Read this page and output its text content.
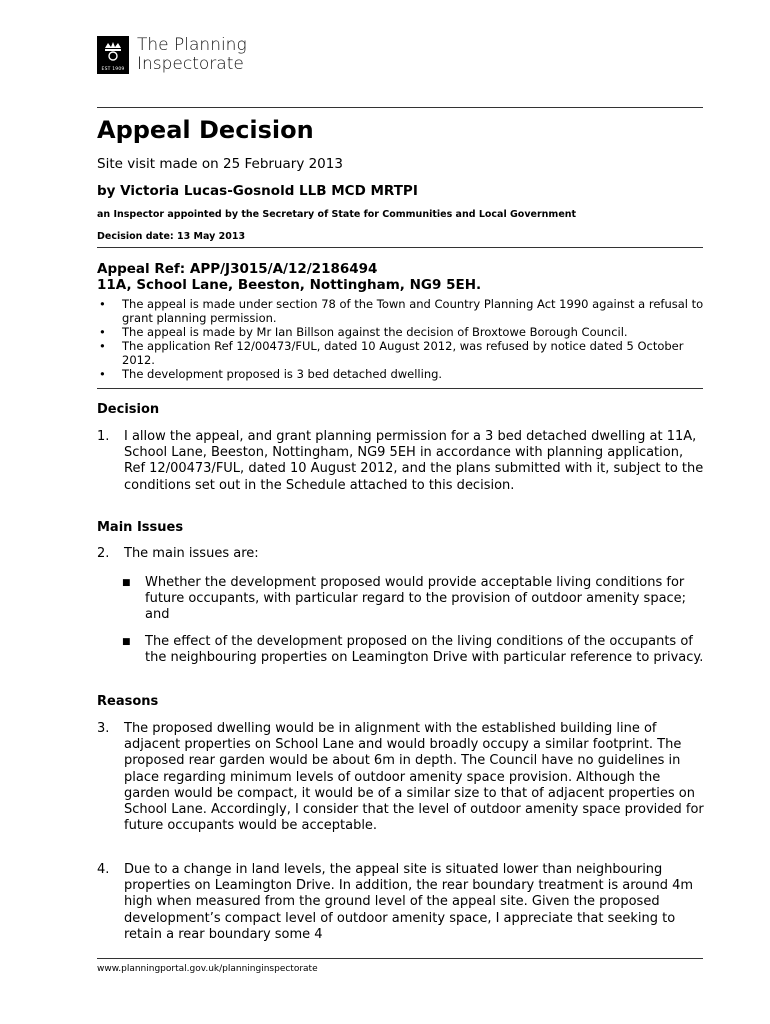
EST 1909
The Planning
Inspectorate
Appeal Decision
Site visit made on 25 February 2013
by Victoria Lucas-Gosnold LLB MCD MRTPI
an Inspector appointed by the Secretary of State for Communities and Local Government
Decision date: 13 May 2013
Appeal Ref: APP/J3015/A/12/2186494
11A, School Lane, Beeston, Nottingham, NG9 5EH.
• The appeal is made under section 78 of the Town and Country Planning Act 1990 against a refusal to grant planning permission.
• The appeal is made by Mr Ian Billson against the decision of Broxtowe Borough Council.
• The application Ref 12/00473/FUL, dated 10 August 2012, was refused by notice dated 5 October 2012.
• The development proposed is 3 bed detached dwelling.
Decision
1. I allow the appeal, and grant planning permission for a 3 bed detached dwelling at 11A, School Lane, Beeston, Nottingham, NG9 5EH in accordance with planning application, Ref 12/00473/FUL, dated 10 August 2012, and the plans submitted with it, subject to the conditions set out in the Schedule attached to this decision.
Main Issues
2. The main issues are:
■ Whether the development proposed would provide acceptable living conditions for future occupants, with particular regard to the provision of outdoor amenity space; and
■ The effect of the development proposed on the living conditions of the occupants of the neighbouring properties on Leamington Drive with particular reference to privacy.
Reasons
3. The proposed dwelling would be in alignment with the established building line of adjacent properties on School Lane and would broadly occupy a similar footprint. The proposed rear garden would be about 6m in depth. The Council have no guidelines in place regarding minimum levels of outdoor amenity space provision. Although the garden would be compact, it would be of a similar size to that of adjacent properties on School Lane. Accordingly, I consider that the level of outdoor amenity space provided for future occupants would be acceptable.
4. Due to a change in land levels, the appeal site is situated lower than neighbouring properties on Leamington Drive. In addition, the rear boundary treatment is around 4m high when measured from the ground level of the appeal site. Given the proposed development’s compact level of outdoor amenity space, I appreciate that seeking to retain a rear boundary some 4
www.planningportal.gov.uk/planninginspectorate
